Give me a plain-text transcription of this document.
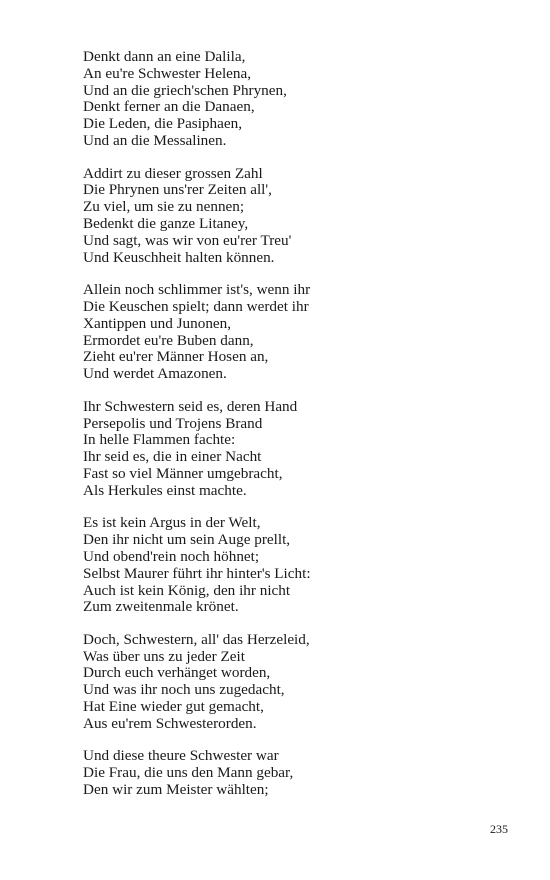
Denkt dann an eine Dalila,
An eu're Schwester Helena,
Und an die griech'schen Phrynen,
Denkt ferner an die Danaen,
Die Leden, die Pasiphaen,
Und an die Messalinen.
Addirt zu dieser grossen Zahl
Die Phrynen uns'rer Zeiten all',
Zu viel, um sie zu nennen;
Bedenkt die ganze Litaney,
Und sagt, was wir von eu'rer Treu'
Und Keuschheit halten können.
Allein noch schlimmer ist's, wenn ihr
Die Keuschen spielt; dann werdet ihr
Xantippen und Junonen,
Ermordet eu're Buben dann,
Zieht eu'rer Männer Hosen an,
Und werdet Amazonen.
Ihr Schwestern seid es, deren Hand
Persepolis und Trojens Brand
In helle Flammen fachte:
Ihr seid es, die in einer Nacht
Fast so viel Männer umgebracht,
Als Herkules einst machte.
Es ist kein Argus in der Welt,
Den ihr nicht um sein Auge prellt,
Und obend'rein noch höhnet;
Selbst Maurer führt ihr hinter's Licht:
Auch ist kein König, den ihr nicht
Zum zweitenmale krönet.
Doch, Schwestern, all' das Herzeleid,
Was über uns zu jeder Zeit
Durch euch verhänget worden,
Und was ihr noch uns zugedacht,
Hat Eine wieder gut gemacht,
Aus eu'rem Schwesterorden.
Und diese theure Schwester war
Die Frau, die uns den Mann gebar,
Den wir zum Meister wählten;
235
